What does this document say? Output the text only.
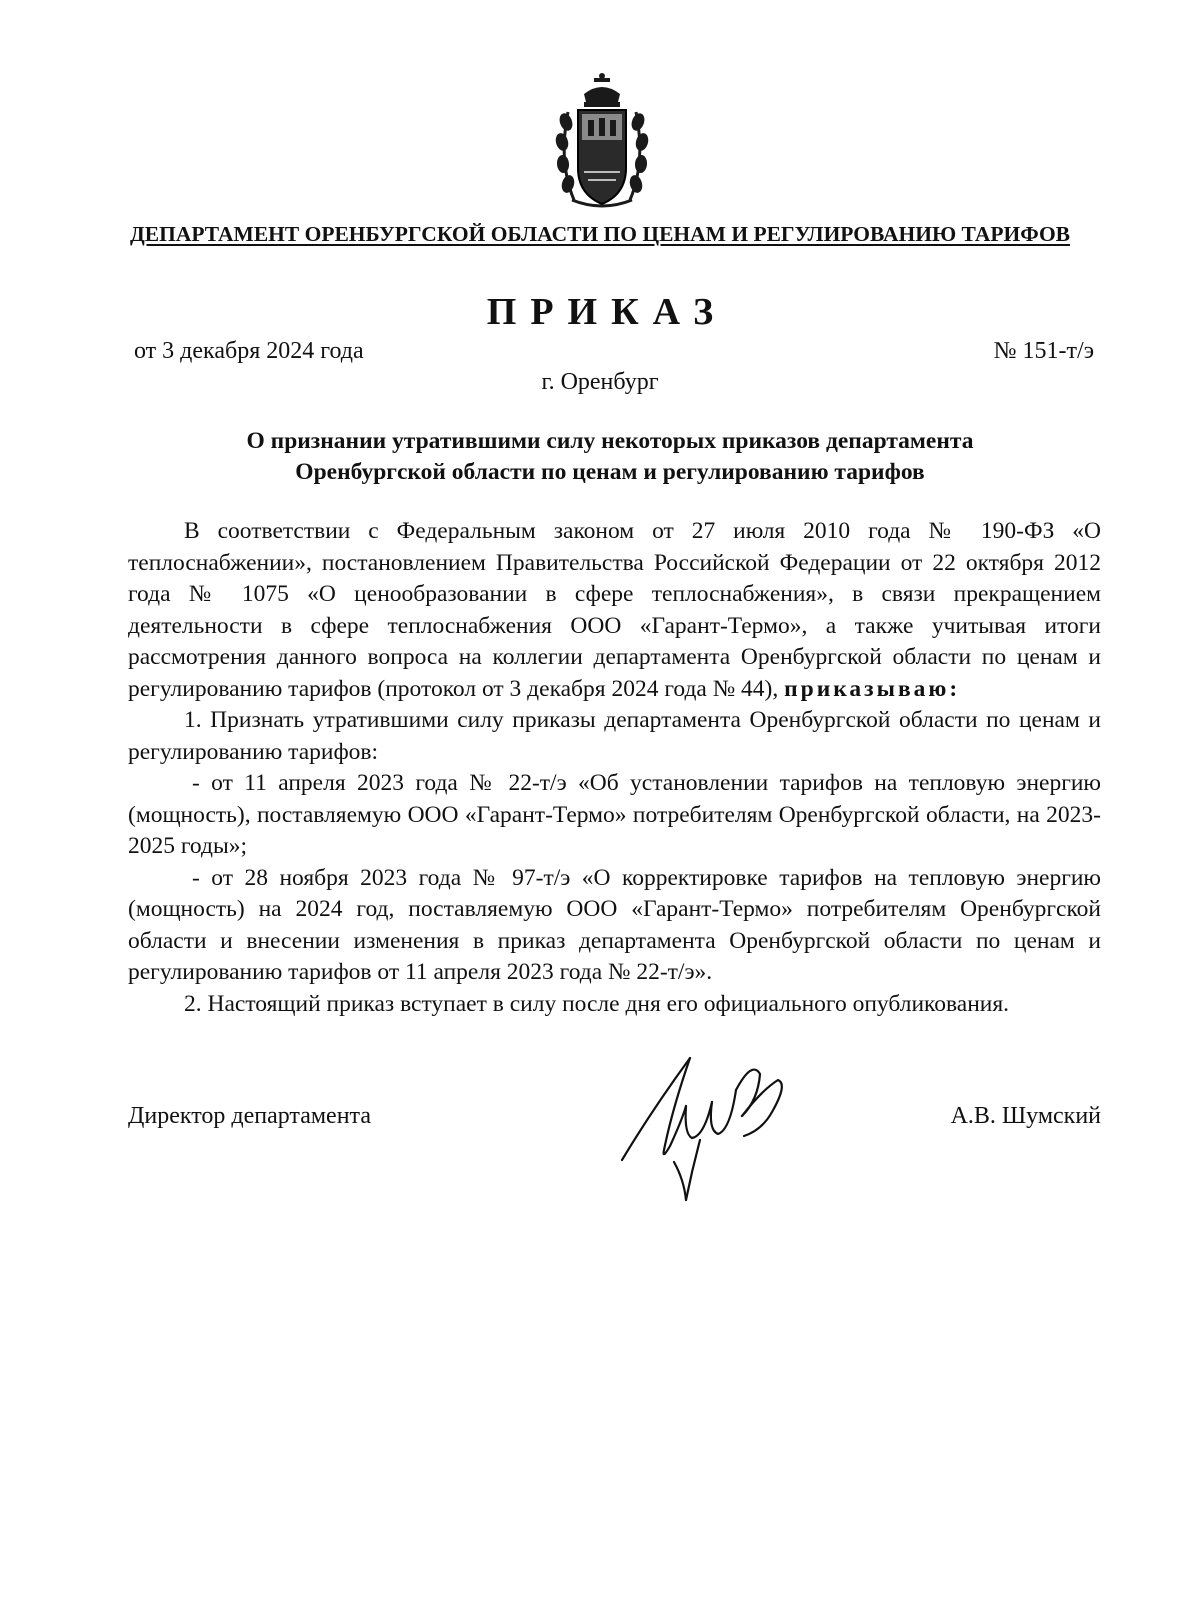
ДЕПАРТАМЕНТ ОРЕНБУРГСКОЙ ОБЛАСТИ ПО ЦЕНАМ И РЕГУЛИРОВАНИЮ ТАРИФОВ
ПРИКАЗ
от 3 декабря 2024 года	№ 151-т/э
г. Оренбург
О признании утратившими силу некоторых приказов департамента
Оренбургской области по ценам и регулированию тарифов

В соответствии с Федеральным законом от 27 июля 2010 года № 190-ФЗ «О теплоснабжении», постановлением Правительства Российской Федерации от 22 октября 2012 года № 1075 «О ценообразовании в сфере теплоснабжения», в связи прекращением деятельности в сфере теплоснабжения ООО «Гарант-Термо», а также учитывая итоги рассмотрения данного вопроса на коллегии департамента Оренбургской области по ценам и регулированию тарифов (протокол от 3 декабря 2024 года № 44), приказываю:

1. Признать утратившими силу приказы департамента Оренбургской области по ценам и регулированию тарифов:

- от 11 апреля 2023 года № 22-т/э «Об установлении тарифов на тепловую энергию (мощность), поставляемую ООО «Гарант-Термо» потребителям Оренбургской области, на 2023-2025 годы»;

- от 28 ноября 2023 года № 97-т/э «О корректировке тарифов на тепловую энергию (мощность) на 2024 год, поставляемую ООО «Гарант-Термо» потребителям Оренбургской области и внесении изменения в приказ департамента Оренбургской области по ценам и регулированию тарифов от 11 апреля 2023 года № 22-т/э».

2. Настоящий приказ вступает в силу после дня его официального опубликования.

Директор департамента	А.В. Шумский
